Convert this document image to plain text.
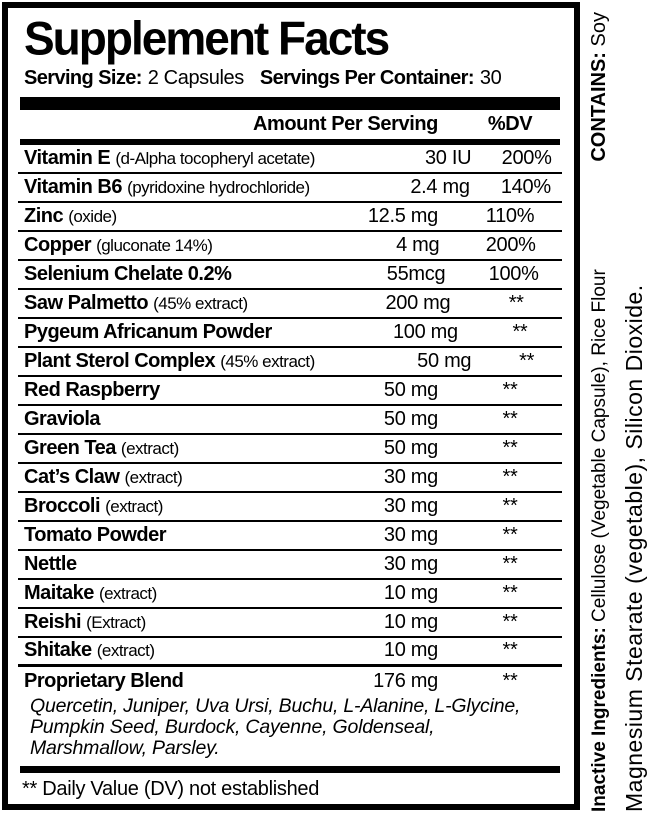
Supplement Facts
Serving Size: 2 Capsules Servings Per Container: 30
Amount Per Serving	%DV
Vitamin E (d-Alpha tocopheryl acetate)	30 IU	200%
Vitamin B6 (pyridoxine hydrochloride)	2.4 mg	140%
Zinc (oxide)	12.5 mg	110%
Copper (gluconate 14%)	4 mg	200%
Selenium Chelate 0.2%	55mcg	100%
Saw Palmetto (45% extract)	200 mg	**
Pygeum Africanum Powder	100 mg	**
Plant Sterol Complex (45% extract)	50 mg	**
Red Raspberry	50 mg	**
Graviola	50 mg	**
Green Tea (extract)	50 mg	**
Cat’s Claw (extract)	30 mg	**
Broccoli (extract)	30 mg	**
Tomato Powder	30 mg	**
Nettle	30 mg	**
Maitake (extract)	10 mg	**
Reishi (Extract)	10 mg	**
Shitake (extract)	10 mg	**
Proprietary Blend	176 mg	**
Quercetin, Juniper, Uva Ursi, Buchu, L-Alanine, L-Glycine, Pumpkin Seed, Burdock, Cayenne, Goldenseal, Marshmallow, Parsley.
** Daily Value (DV) not established	Inactive Ingredients: Cellulose (Vegetable Capsule), Rice Flour
CONTAINS: Soy
Magnesium Stearate (vegetable), Silicon Dioxide.
